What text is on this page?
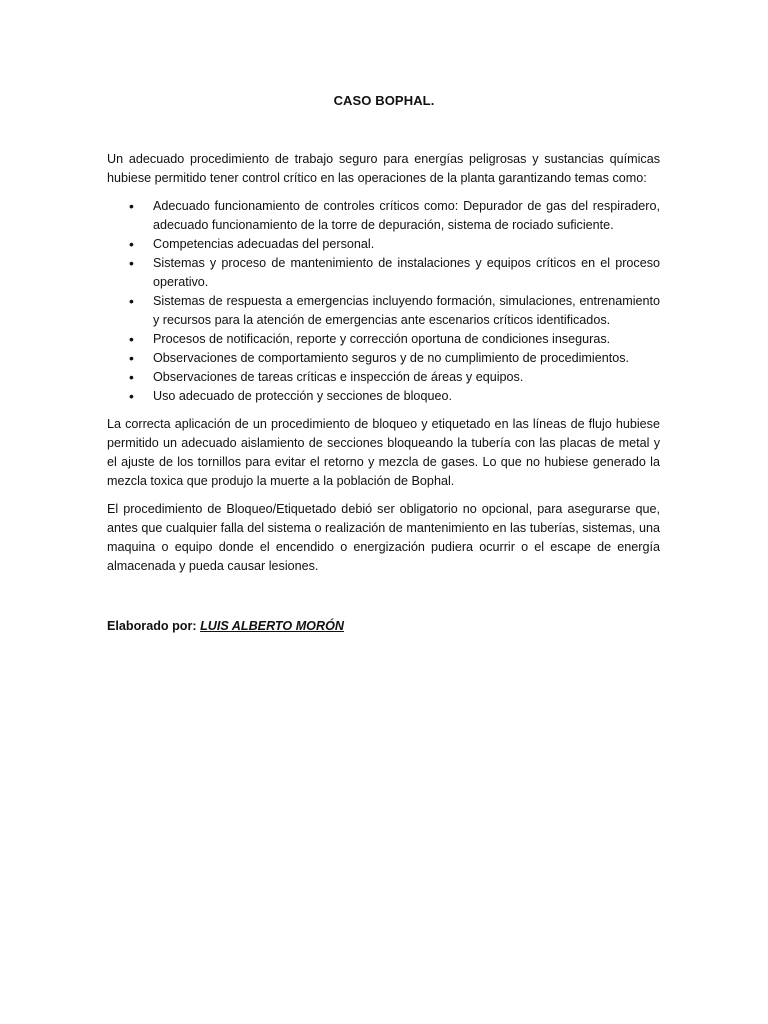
CASO BOPHAL.

Un adecuado procedimiento de trabajo seguro para energías peligrosas y sustancias químicas hubiese permitido tener control crítico en las operaciones de la planta garantizando temas como:

• Adecuado funcionamiento de controles críticos como: Depurador de gas del respiradero, adecuado funcionamiento de la torre de depuración, sistema de rociado suficiente.
• Competencias adecuadas del personal.
• Sistemas y proceso de mantenimiento de instalaciones y equipos críticos en el proceso operativo.
• Sistemas de respuesta a emergencias incluyendo formación, simulaciones, entrenamiento y recursos para la atención de emergencias ante escenarios críticos identificados.
• Procesos de notificación, reporte y corrección oportuna de condiciones inseguras.
• Observaciones de comportamiento seguros y de no cumplimiento de procedimientos.
• Observaciones de tareas críticas e inspección de áreas y equipos.
• Uso adecuado de protección y secciones de bloqueo.

La correcta aplicación de un procedimiento de bloqueo y etiquetado en las líneas de flujo hubiese permitido un adecuado aislamiento de secciones bloqueando la tubería con las placas de metal y el ajuste de los tornillos para evitar el retorno y mezcla de gases. Lo que no hubiese generado la mezcla toxica que produjo la muerte a la población de Bophal.

El procedimiento de Bloqueo/Etiquetado debió ser obligatorio no opcional, para asegurarse que, antes que cualquier falla del sistema o realización de mantenimiento en las tuberías, sistemas, una maquina o equipo donde el encendido o energización pudiera ocurrir o el escape de energía almacenada y pueda causar lesiones.

Elaborado por: LUIS ALBERTO MORÓN
